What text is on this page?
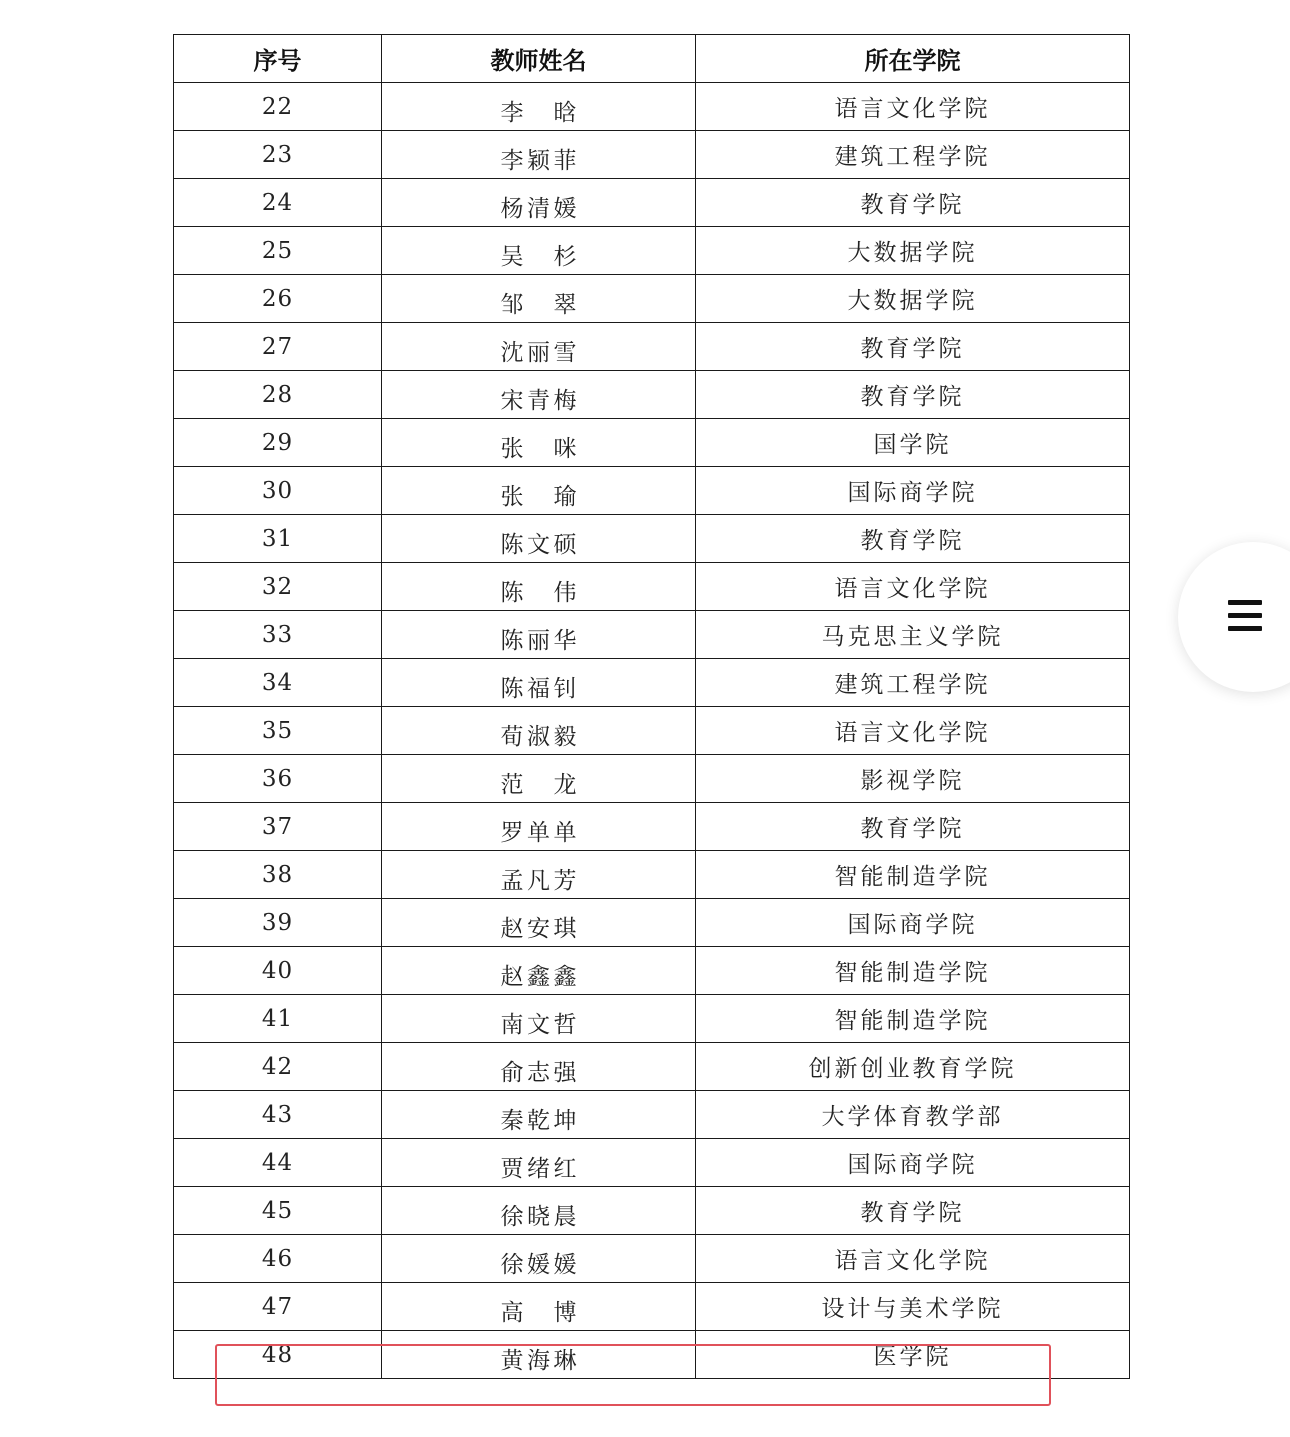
序号	教师姓名	所在学院
22	李晗	语言文化学院
23	李颖菲	建筑工程学院
24	杨清媛	教育学院
25	吴杉	大数据学院
26	邹翠	大数据学院
27	沈丽雪	教育学院
28	宋青梅	教育学院
29	张咪	国学院
30	张瑜	国际商学院
31	陈文硕	教育学院
32	陈伟	语言文化学院
33	陈丽华	马克思主义学院
34	陈福钊	建筑工程学院
35	荀淑毅	语言文化学院
36	范龙	影视学院
37	罗单单	教育学院
38	孟凡芳	智能制造学院
39	赵安琪	国际商学院
40	赵鑫鑫	智能制造学院
41	南文哲	智能制造学院
42	俞志强	创新创业教育学院
43	秦乾坤	大学体育教学部
44	贾绪红	国际商学院
45	徐晓晨	教育学院
46	徐媛媛	语言文化学院
47	高博	设计与美术学院
48	黄海琳	医学院
